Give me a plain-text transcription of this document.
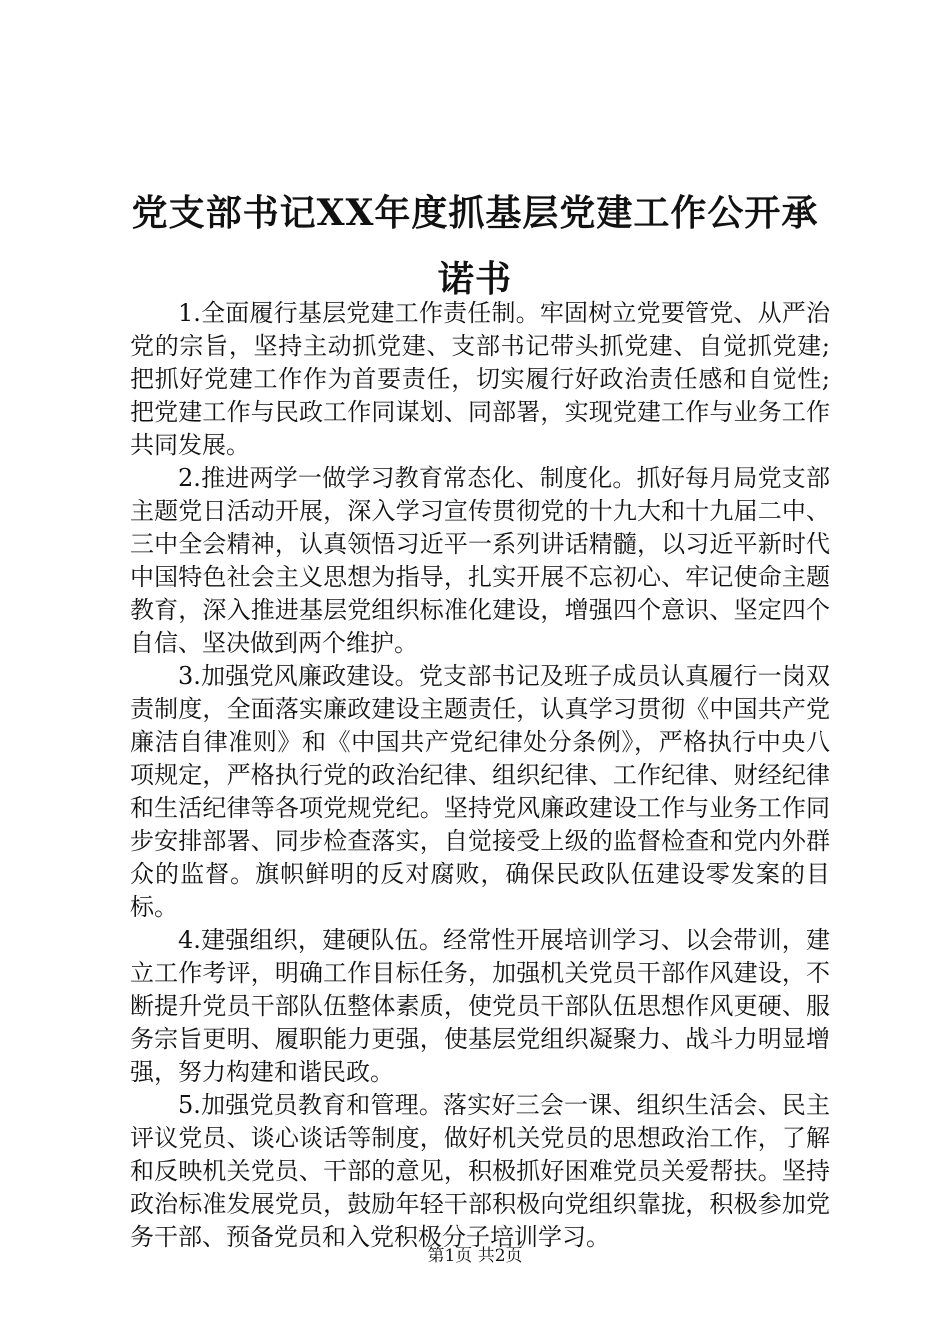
党支部书记XX年度抓基层党建工作公开承诺书

1.全面履行基层党建工作责任制。牢固树立党要管党、从严治党的宗旨，坚持主动抓党建、支部书记带头抓党建、自觉抓党建;把抓好党建工作作为首要责任，切实履行好政治责任感和自觉性;把党建工作与民政工作同谋划、同部署，实现党建工作与业务工作共同发展。

2.推进两学一做学习教育常态化、制度化。抓好每月局党支部主题党日活动开展，深入学习宣传贯彻党的十九大和十九届二中、三中全会精神，认真领悟习近平一系列讲话精髓，以习近平新时代中国特色社会主义思想为指导，扎实开展不忘初心、牢记使命主题教育，深入推进基层党组织标准化建设，增强四个意识、坚定四个自信、坚决做到两个维护。

3.加强党风廉政建设。党支部书记及班子成员认真履行一岗双责制度，全面落实廉政建设主题责任，认真学习贯彻《中国共产党廉洁自律准则》和《中国共产党纪律处分条例》，严格执行中央八项规定，严格执行党的政治纪律、组织纪律、工作纪律、财经纪律和生活纪律等各项党规党纪。坚持党风廉政建设工作与业务工作同步安排部署、同步检查落实，自觉接受上级的监督检查和党内外群众的监督。旗帜鲜明的反对腐败，确保民政队伍建设零发案的目标。

4.建强组织，建硬队伍。经常性开展培训学习、以会带训，建立工作考评，明确工作目标任务，加强机关党员干部作风建设，不断提升党员干部队伍整体素质，使党员干部队伍思想作风更硬、服务宗旨更明、履职能力更强，使基层党组织凝聚力、战斗力明显增强，努力构建和谐民政。

5.加强党员教育和管理。落实好三会一课、组织生活会、民主评议党员、谈心谈话等制度，做好机关党员的思想政治工作，了解和反映机关党员、干部的意见，积极抓好困难党员关爱帮扶。坚持政治标准发展党员，鼓励年轻干部积极向党组织靠拢，积极参加党务干部、预备党员和入党积极分子培训学习。

第1页 共2页
